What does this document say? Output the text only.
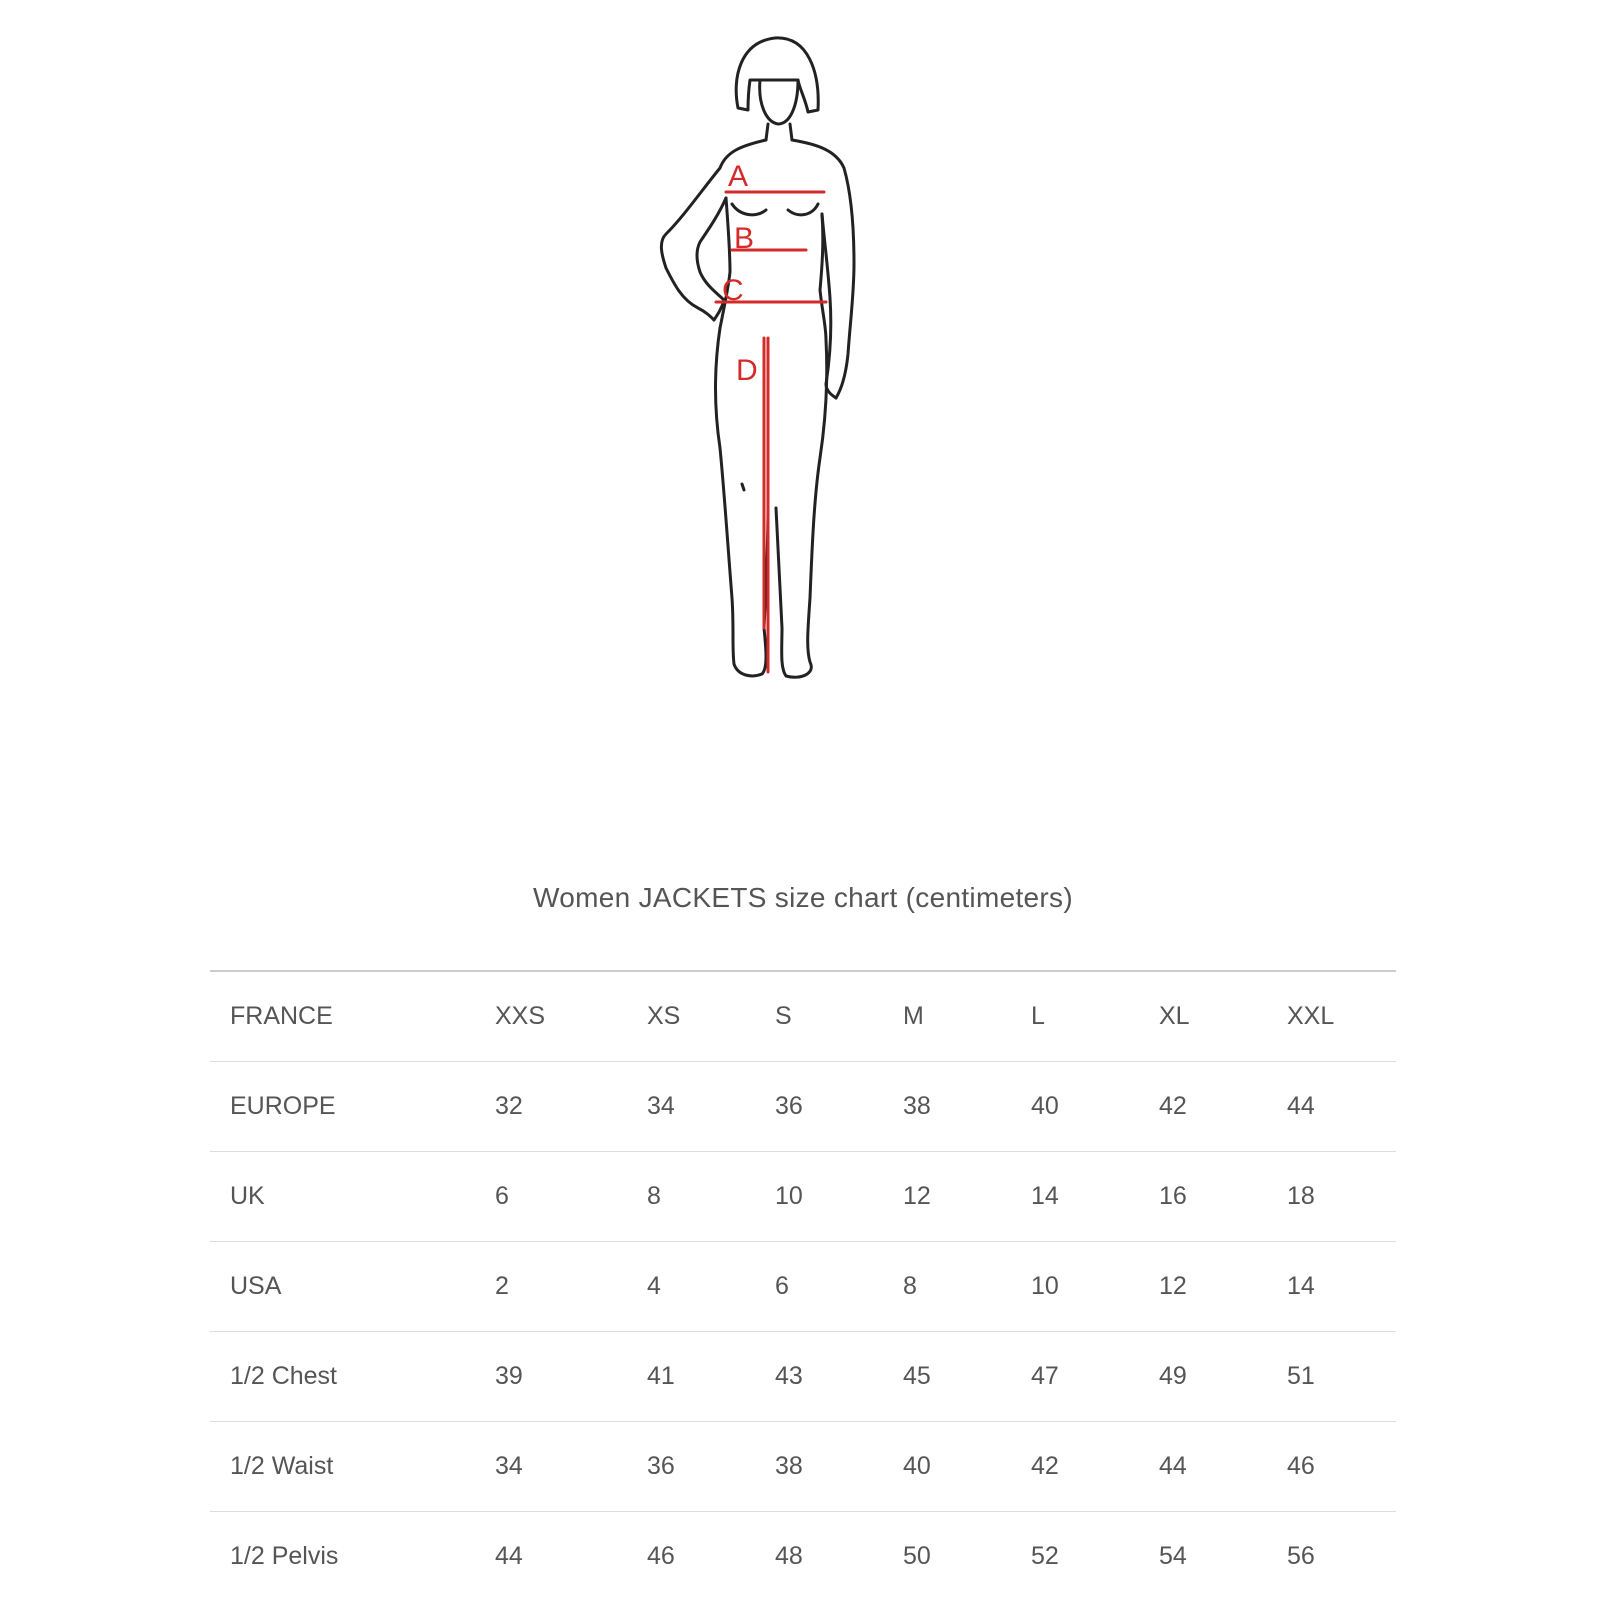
A
B
C
D
Women JACKETS size chart (centimeters)
FRANCE	XXS	XS	S	M	L	XL	XXL
EUROPE	32	34	36	38	40	42	44
UK	6	8	10	12	14	16	18
USA	2	4	6	8	10	12	14
1/2 Chest	39	41	43	45	47	49	51
1/2 Waist	34	36	38	40	42	44	46
1/2 Pelvis	44	46	48	50	52	54	56
